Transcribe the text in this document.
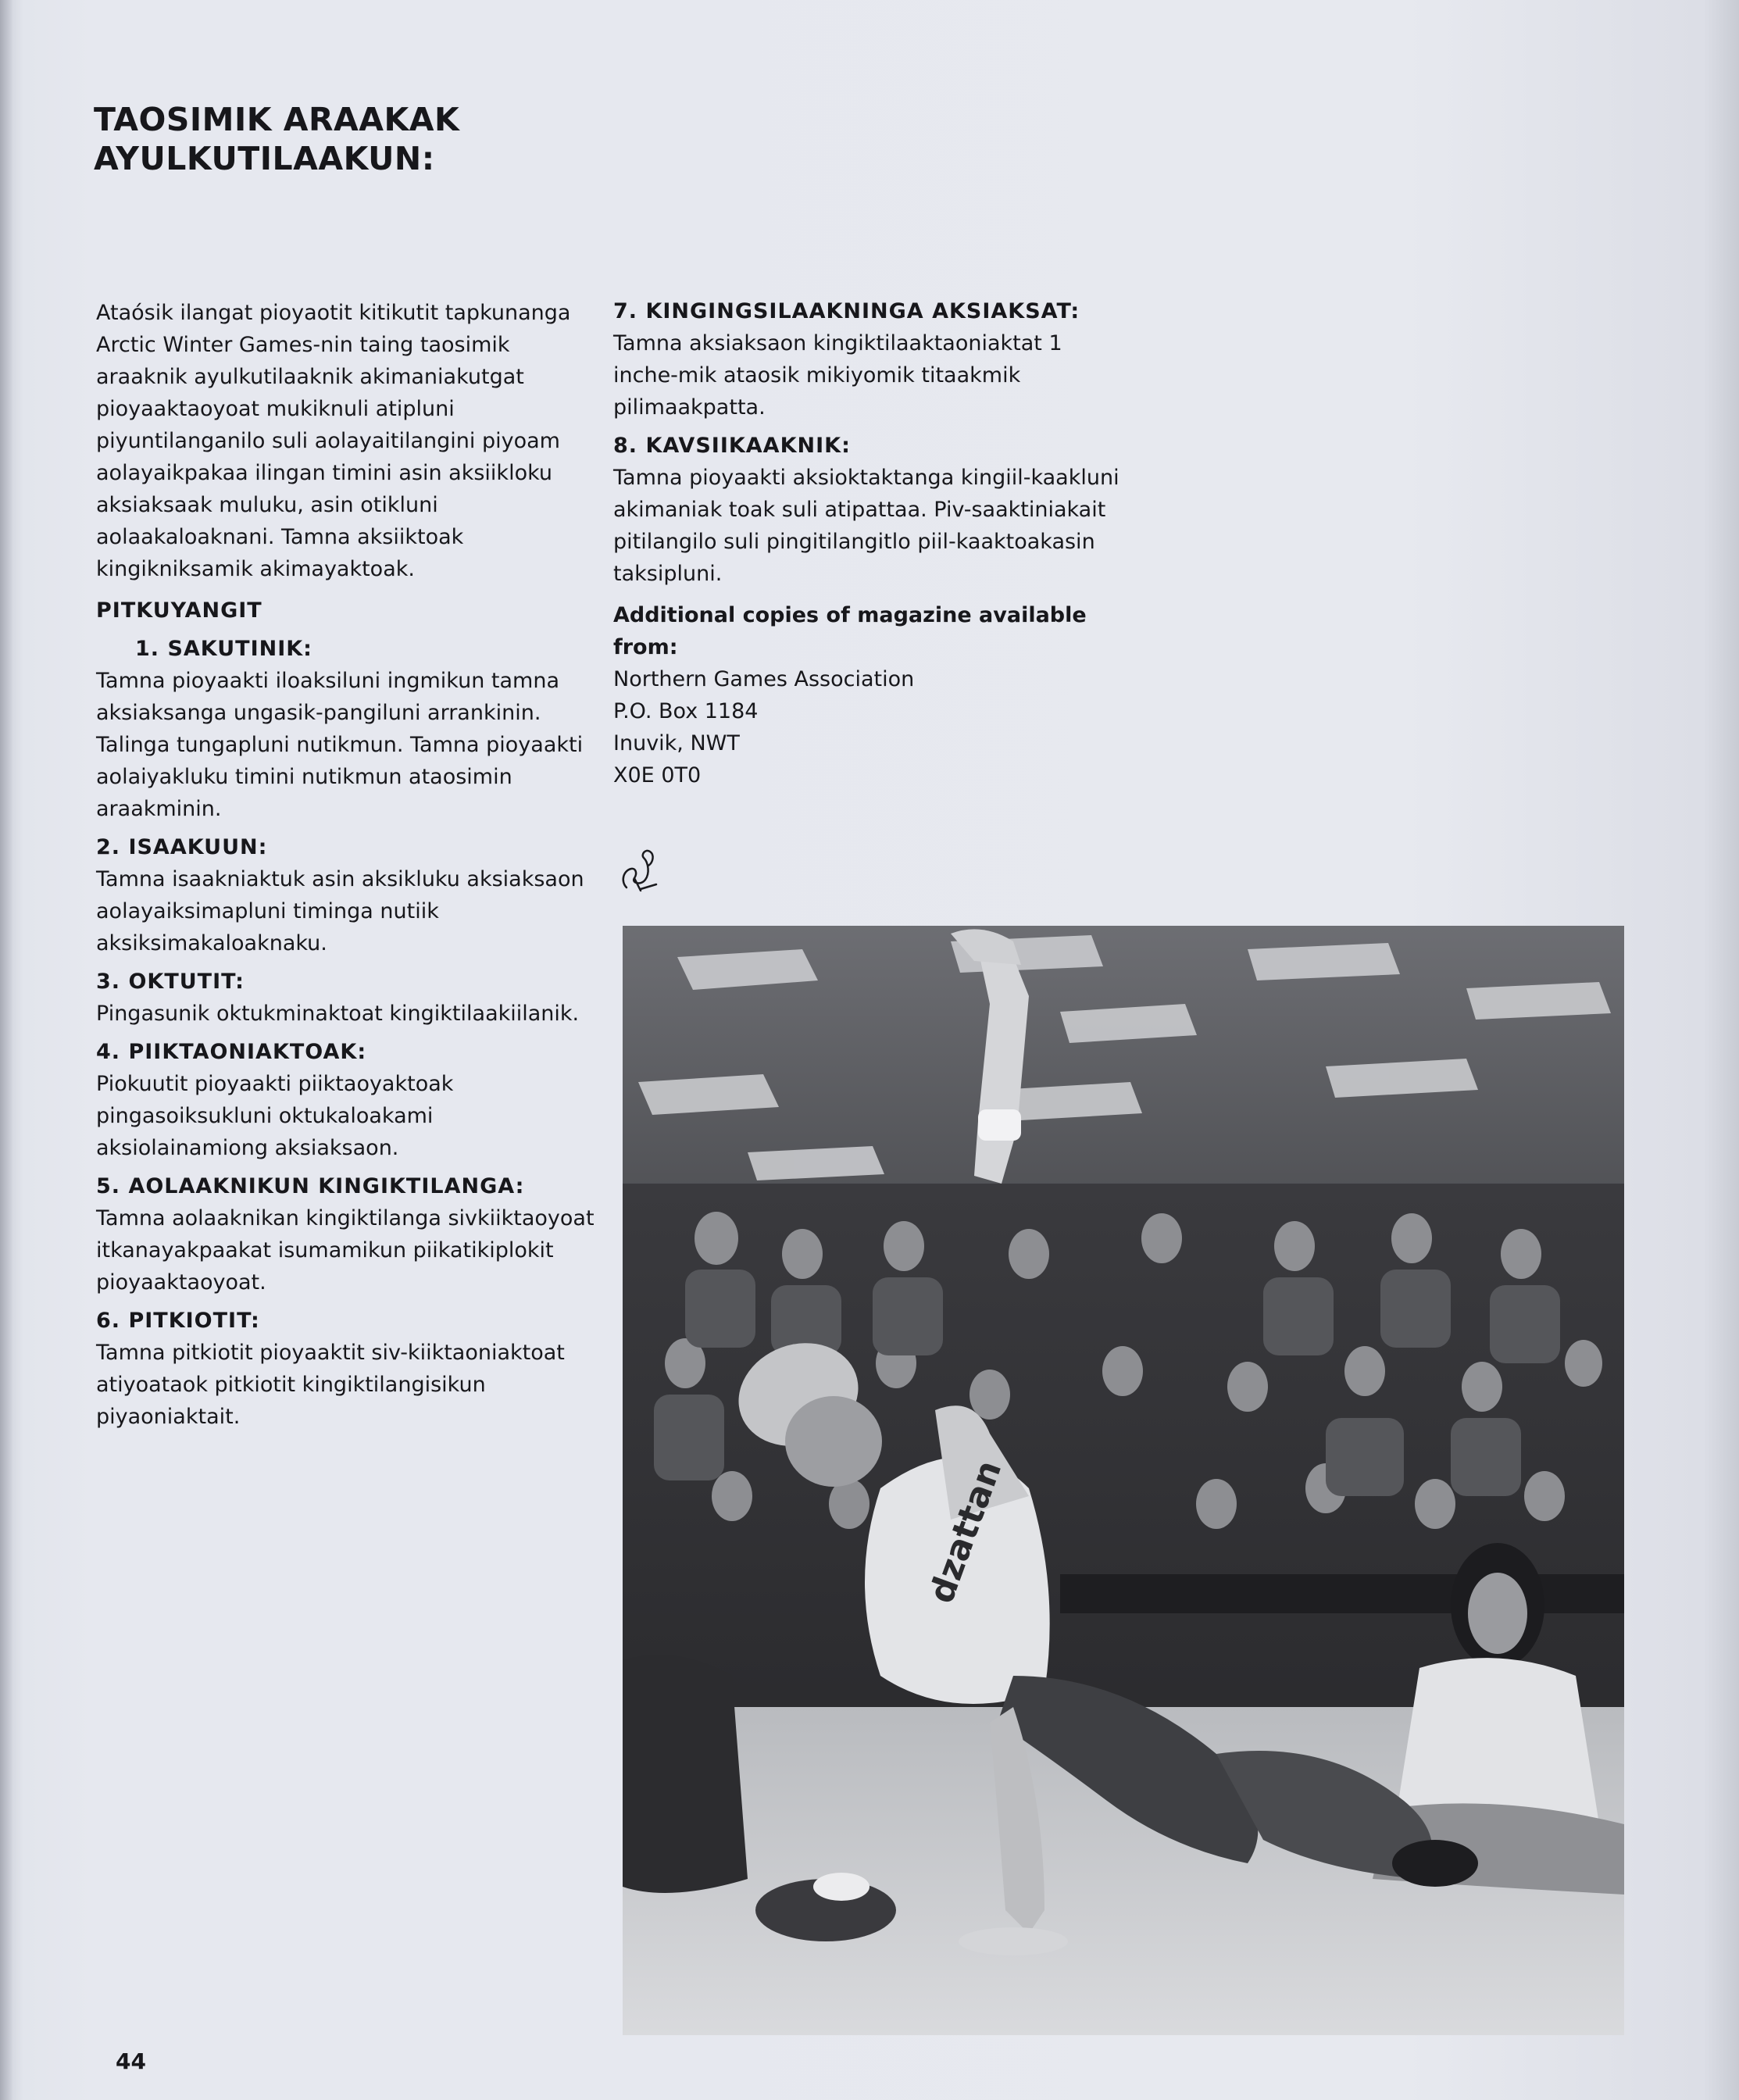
TAOSIMIK ARAAKAK
AYULKUTILAAKUN:

Ataósik ilangat pioyaotit kitikutit tapkunanga Arctic Winter Games-nin taing taosimik araaknik ayulkutilaaknik akimaniakutgat pioyaaktaoyoat mukiknuli atipluni piyuntilanganilo suli aolayaitilangini piyoam aolayaikpakaa ilingan timini asin aksiikloku aksiaksaak muluku, asin otikluni aolaakaloaknani. Tamna aksiiktoak kingikniksamik akimayaktoak.

PITKUYANGIT

1. SAKUTINIK:

Tamna pioyaakti iloaksiluni ingmikun tamna aksiaksanga ungasik-pangiluni arrankinin. Talinga tungapluni nutikmun. Tamna pioyaakti aolaiyakluku timini nutikmun ataosimin araakminin.

2. ISAAKUUN:

Tamna isaakniaktuk asin aksikluku aksiaksaon aolayaiksimapluni timinga nutiik aksiksimakaloaknaku.

3. OKTUTIT:

Pingasunik oktukminaktoat kingiktilaakiilanik.

4. PIIKTAONIAKTOAK:

Piokuutit pioyaakti piiktaoyaktoak pingasoiksukluni oktukaloakami aksiolainamiong aksiaksaon.

5. AOLAAKNIKUN KINGIKTILANGA:

Tamna aolaaknikan kingiktilanga sivkiiktaoyoat itkanayakpaakat isumamikun piikatikiplokit pioyaaktaoyoat.

6. PITKIOTIT:

Tamna pitkiotit pioyaaktit siv-kiiktaoniaktoat atiyoataok pitkiotit kingiktilangisikun piyaoniaktait.

7. KINGINGSILAAKNINGA AKSIAKSAT:

Tamna aksiaksaon kingiktilaaktaoniaktat 1 inche-mik ataosik mikiyomik titaakmik pilimaakpatta.

8. KAVSIIKAAKNIK:

Tamna pioyaakti aksioktaktanga kingiil-kaakluni akimaniak toak suli atipattaa. Piv-saaktiniakait pitilangilo suli pingitilangitlo piil-kaaktoakasin taksipluni.

Additional copies of magazine available from:

Northern Games Association
P.O. Box 1184
Inuvik, NWT
X0E 0T0

dzattan
44
